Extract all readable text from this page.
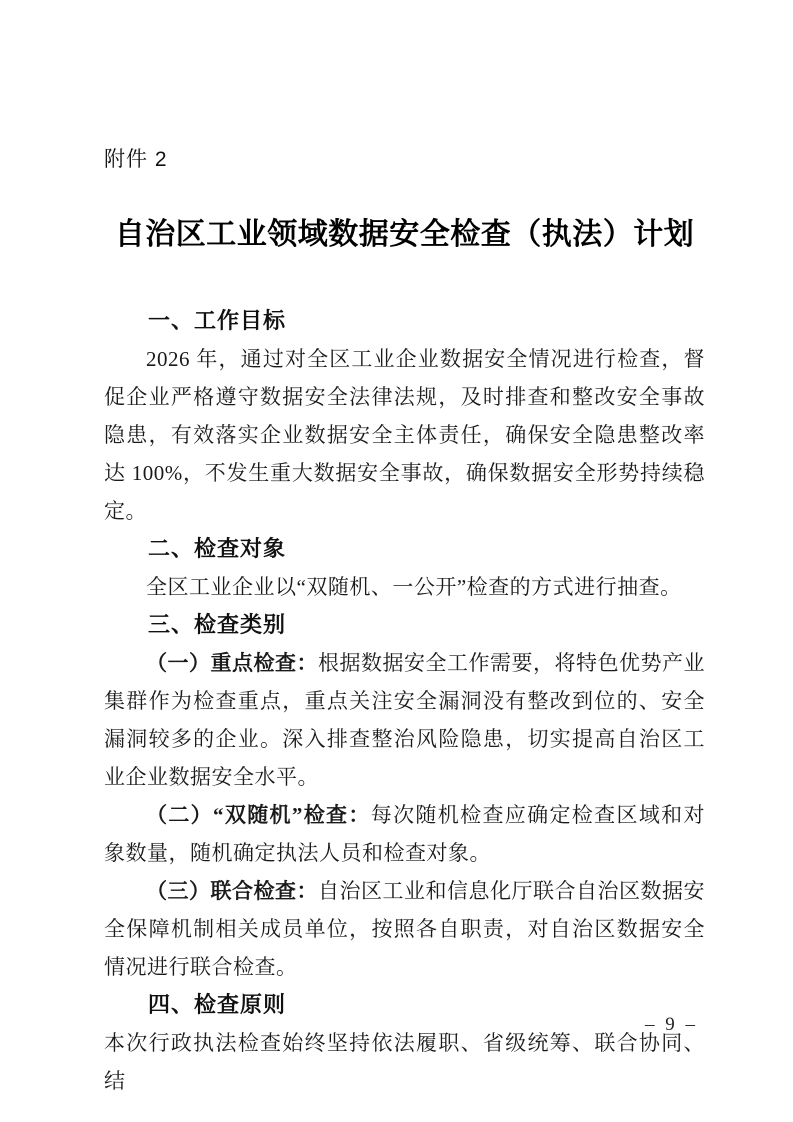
附件 2
自治区工业领域数据安全检查（执法）计划
一、工作目标

2026 年，通过对全区工业企业数据安全情况进行检查，督促企业严格遵守数据安全法律法规，及时排查和整改安全事故隐患，有效落实企业数据安全主体责任，确保安全隐患整改率达 100%，不发生重大数据安全事故，确保数据安全形势持续稳定。

二、检查对象

全区工业企业以“双随机、一公开”检查的方式进行抽查。

三、检查类别

（一）重点检查：根据数据安全工作需要，将特色优势产业集群作为检查重点，重点关注安全漏洞没有整改到位的、安全漏洞较多的企业。深入排查整治风险隐患，切实提高自治区工业企业数据安全水平。

（二）“双随机”检查：每次随机检查应确定检查区域和对象数量，随机确定执法人员和检查对象。

（三）联合检查：自治区工业和信息化厅联合自治区数据安全保障机制相关成员单位，按照各自职责，对自治区数据安全情况进行联合检查。

四、检查原则

本次行政执法检查始终坚持依法履职、省级统筹、联合协同、结

– 9 –
